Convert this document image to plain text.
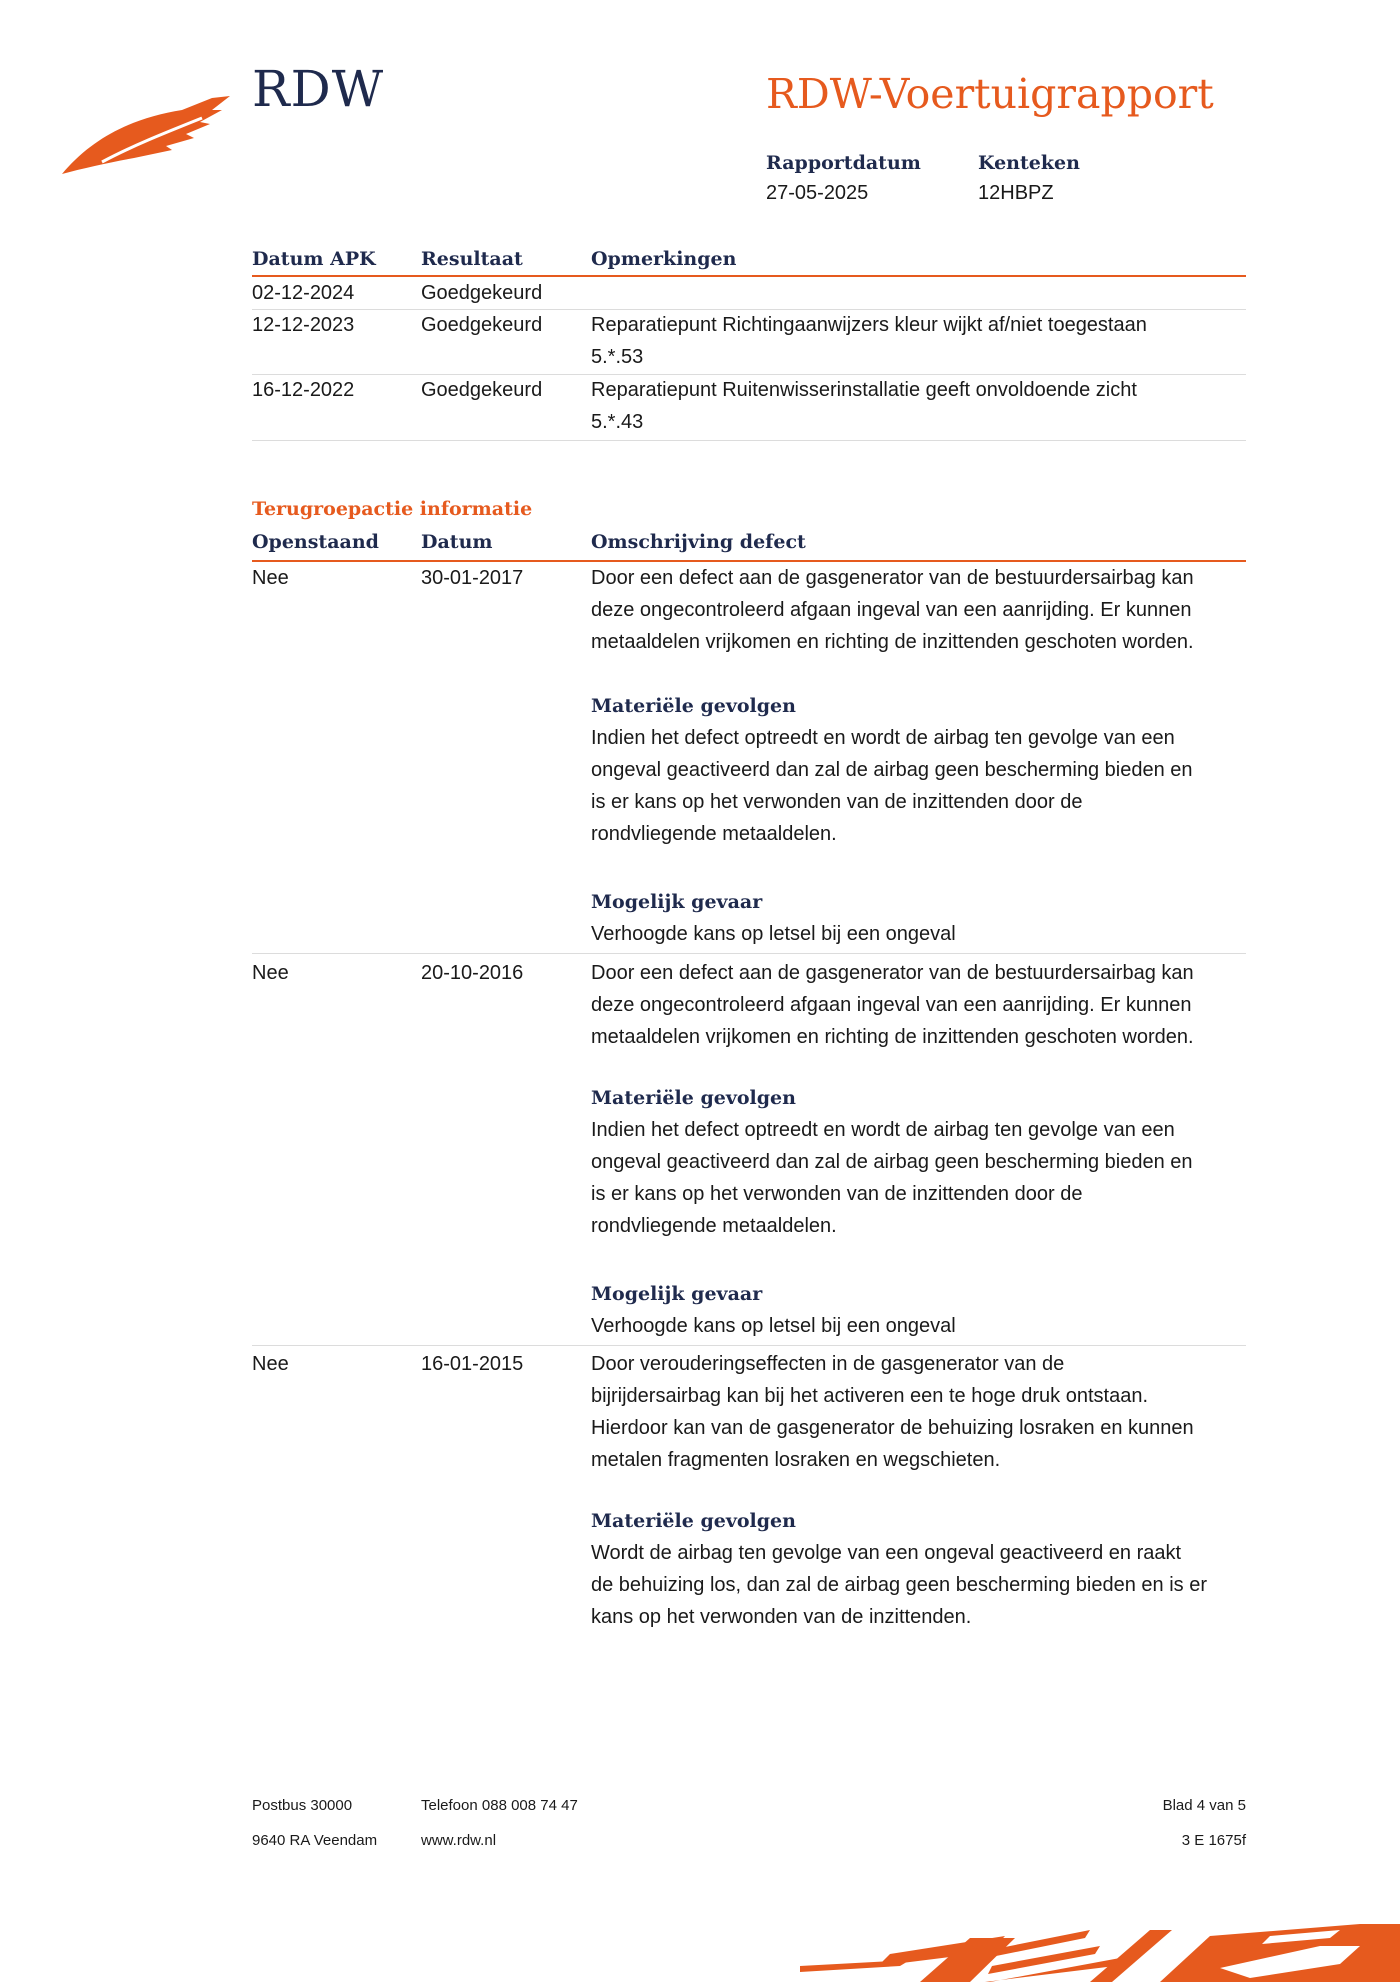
RDW	RDW-Voertuigrapport
Rapportdatum
27-05-2025
Kenteken
12HBPZ
Datum APK Resultaat	Opmerkingen
02-12-2024	Goedgekeurd
12-12-2023	Goedgekeurd Reparatiepunt Richtingaanwijzers kleur wijkt af/niet toegestaan
5.*.53
16-12-2022	Goedgekeurd Reparatiepunt Ruitenwisserinstallatie geeft onvoldoende zicht
5.*.43
Terugroepactie informatie
Openstaand Datum	Omschrijving defect
Nee	30-01-2017	Door een defect aan de gasgenerator van de bestuurdersairbag kan
deze ongecontroleerd afgaan ingeval van een aanrijding. Er kunnen
metaaldelen vrijkomen en richting de inzittenden geschoten worden.
Materiële gevolgen
Indien het defect optreedt en wordt de airbag ten gevolge van een
ongeval geactiveerd dan zal de airbag geen bescherming bieden en
is er kans op het verwonden van de inzittenden door de
rondvliegende metaaldelen.
Mogelijk gevaar
Verhoogde kans op letsel bij een ongeval
Nee	20-10-2016	Door een defect aan de gasgenerator van de bestuurdersairbag kan
deze ongecontroleerd afgaan ingeval van een aanrijding. Er kunnen
metaaldelen vrijkomen en richting de inzittenden geschoten worden.
Materiële gevolgen
Indien het defect optreedt en wordt de airbag ten gevolge van een
ongeval geactiveerd dan zal de airbag geen bescherming bieden en
is er kans op het verwonden van de inzittenden door de
rondvliegende metaaldelen.
Mogelijk gevaar
Verhoogde kans op letsel bij een ongeval
Nee	16-01-2015	Door verouderingseffecten in de gasgenerator van de
bijrijdersairbag kan bij het activeren een te hoge druk ontstaan.
Hierdoor kan van de gasgenerator de behuizing losraken en kunnen
metalen fragmenten losraken en wegschieten.
Materiële gevolgen
Wordt de airbag ten gevolge van een ongeval geactiveerd en raakt
de behuizing los, dan zal de airbag geen bescherming bieden en is er
kans op het verwonden van de inzittenden.
Postbus 30000
9640 RA Veendam
Telefoon 088 008 74 47
www.rdw.nl
Blad 4 van 5
3 E 1675f
